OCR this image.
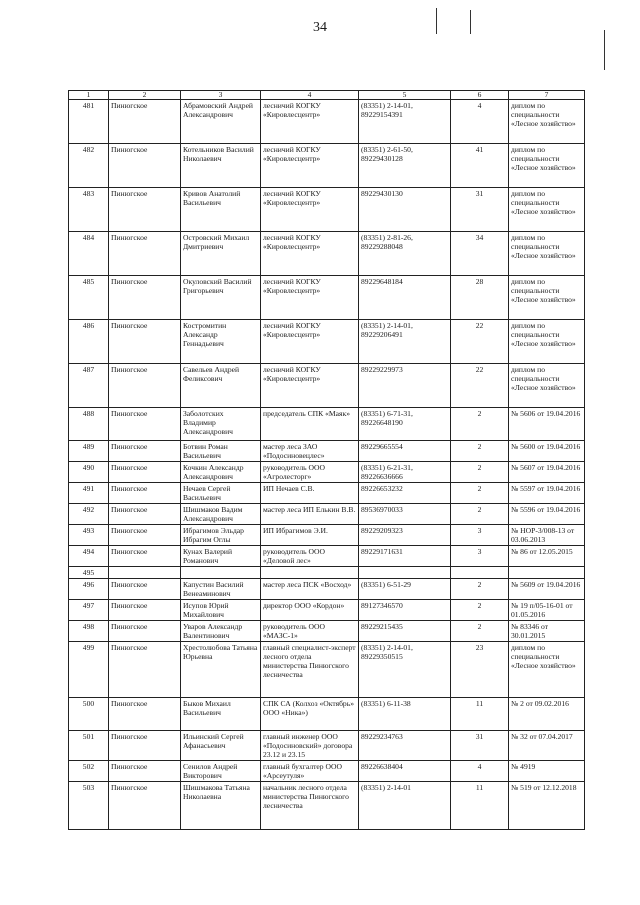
34
1	2	3	4	5	6	7
481	Пинюгское	Абрамовский Андрей Александрович	лесничий КОГКУ «Кировлесцентр»	(83351) 2-14-01, 89229154391	4	диплом по специальности «Лесное хозяйство»
482	Пинюгское	Котельников Василий Николаевич	лесничий КОГКУ «Кировлесцентр»	(83351) 2-61-50, 89229430128	41	диплом по специальности «Лесное хозяйство»
483	Пинюгское	Кривов Анатолий Васильевич	лесничий КОГКУ «Кировлесцентр»	89229430130	31	диплом по специальности «Лесное хозяйство»
484	Пинюгское	Островский Михаил Дмитриевич	лесничий КОГКУ «Кировлесцентр»	(83351) 2-81-26, 89229288048	34	диплом по специальности «Лесное хозяйство»
485	Пинюгское	Окуловский Василий Григорьевич	лесничий КОГКУ «Кировлесцентр»	89229648184	28	диплом по специальности «Лесное хозяйство»
486	Пинюгское	Костромитин Александр Геннадьевич	лесничий КОГКУ «Кировлесцентр»	(83351) 2-14-01, 89229206491	22	диплом по специальности «Лесное хозяйство»
487	Пинюгское	Савельев Андрей Феликсович	лесничий КОГКУ «Кировлесцентр»	89229229973	22	диплом по специальности «Лесное хозяйство»
488	Пинюгское	Заболотских Владимир Александрович	председатель СПК «Маяк»	(83351) 6-71-31, 89226648190	2	№ 5606 от 19.04.2016
489	Пинюгское	Ботвин Роман Васильевич	мастер леса ЗАО «Подосиновецлес»	89229665554	2	№ 5600 от 19.04.2016
490	Пинюгское	Кочкин Александр Александрович	руководитель ООО «Агролесторг»	(83351) 6-21-31, 89226636666	2	№ 5607 от 19.04.2016
491	Пинюгское	Нечаев Сергей Васильевич	ИП Нечаев С.В.	89226653232	2	№ 5597 от 19.04.2016
492	Пинюгское	Шишмаков Вадим Александрович	мастер леса ИП Елькин В.В.	89536970033	2	№ 5596 от 19.04.2016
493	Пинюгское	Ибрагимов Эльдар Ибрагим Оглы	ИП Ибрагимов Э.И.	89229209323	3	№ НОР-3/008-13 от 03.06.2013
494	Пинюгское	Кунах Валерий Романович	руководитель ООО «Деловой лес»	89229171631	3	№ 86 от 12.05.2015
495						
496	Пинюгское	Капустин Василий Венеаминович	мастер леса ПСК «Восход»	(83351) 6-51-29	2	№ 5609 от 19.04.2016
497	Пинюгское	Исупов Юрий Михайлович	директор ООО «Кордон»	89127346570	2	№ 19 п/05-16-01 от 01.05.2016
498	Пинюгское	Уваров Александр Валентинович	руководитель ООО «МАЗС-1»	89229215435	2	№ 83346 от 30.01.2015
499	Пинюгское	Хрестолюбова Татьяна Юрьевна	главный специалист-эксперт лесного отдела министерства Пинюгского лесничества	(83351) 2-14-01, 89229350515	23	диплом по специальности «Лесное хозяйство»
500	Пинюгское	Быков Михаил Васильевич	СПК СА (Колхоз «Октябрь» ООО «Ника»)	(83351) 6-11-38	11	№ 2 от 09.02.2016
501	Пинюгское	Ильинский Сергей Афанасьевич	главный инженер ООО «Подосиновский» договора 23.12 и 23.15	89229234763	31	№ 32 от 07.04.2017
502	Пинюгское	Сенилов Андрей Викторович	главный бухгалтер ООО «Арсеутуля»	89226638404	4	№ 4919
503	Пинюгское	Шишмакова Татьяна Николаевна	начальник лесного отдела министерства Пинюгского лесничества	(83351) 2-14-01	11	№ 519 от 12.12.2018
